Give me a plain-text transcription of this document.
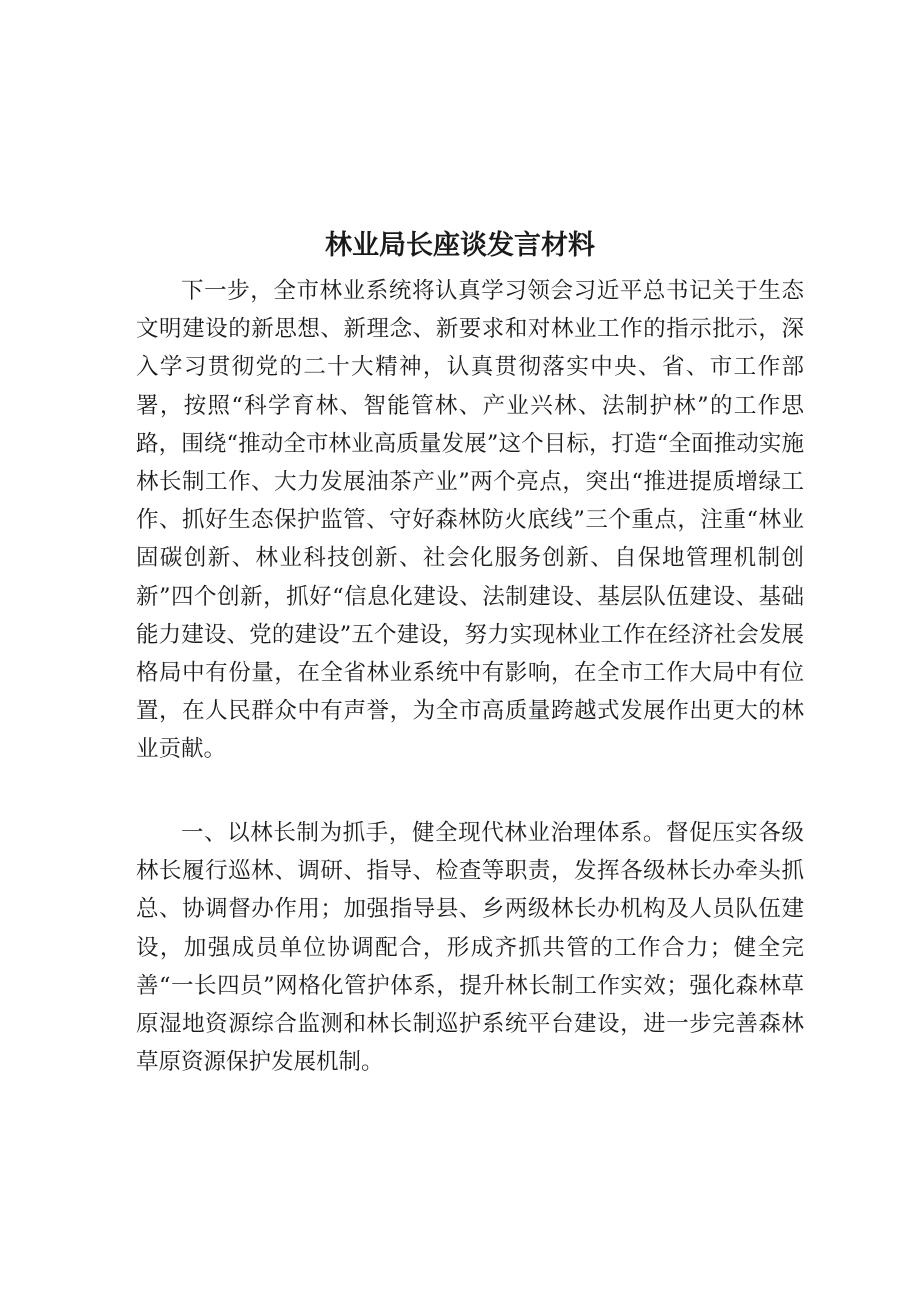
林业局长座谈发言材料

下一步，全市林业系统将认真学习领会习近平总书记关于生态文明建设的新思想、新理念、新要求和对林业工作的指示批示，深入学习贯彻党的二十大精神，认真贯彻落实中央、省、市工作部署，按照“科学育林、智能管林、产业兴林、法制护林”的工作思路，围绕“推动全市林业高质量发展”这个目标，打造“全面推动实施林长制工作、大力发展油茶产业”两个亮点，突出“推进提质增绿工作、抓好生态保护监管、守好森林防火底线”三个重点，注重“林业固碳创新、林业科技创新、社会化服务创新、自保地管理机制创新”四个创新，抓好“信息化建设、法制建设、基层队伍建设、基础能力建设、党的建设”五个建设，努力实现林业工作在经济社会发展格局中有份量，在全省林业系统中有影响，在全市工作大局中有位置，在人民群众中有声誉，为全市高质量跨越式发展作出更大的林业贡献。

一、以林长制为抓手，健全现代林业治理体系。督促压实各级林长履行巡林、调研、指导、检查等职责，发挥各级林长办牵头抓总、协调督办作用；加强指导县、乡两级林长办机构及人员队伍建设，加强成员单位协调配合，形成齐抓共管的工作合力；健全完善“一长四员”网格化管护体系，提升林长制工作实效；强化森林草原湿地资源综合监测和林长制巡护系统平台建设，进一步完善森林草原资源保护发展机制。
